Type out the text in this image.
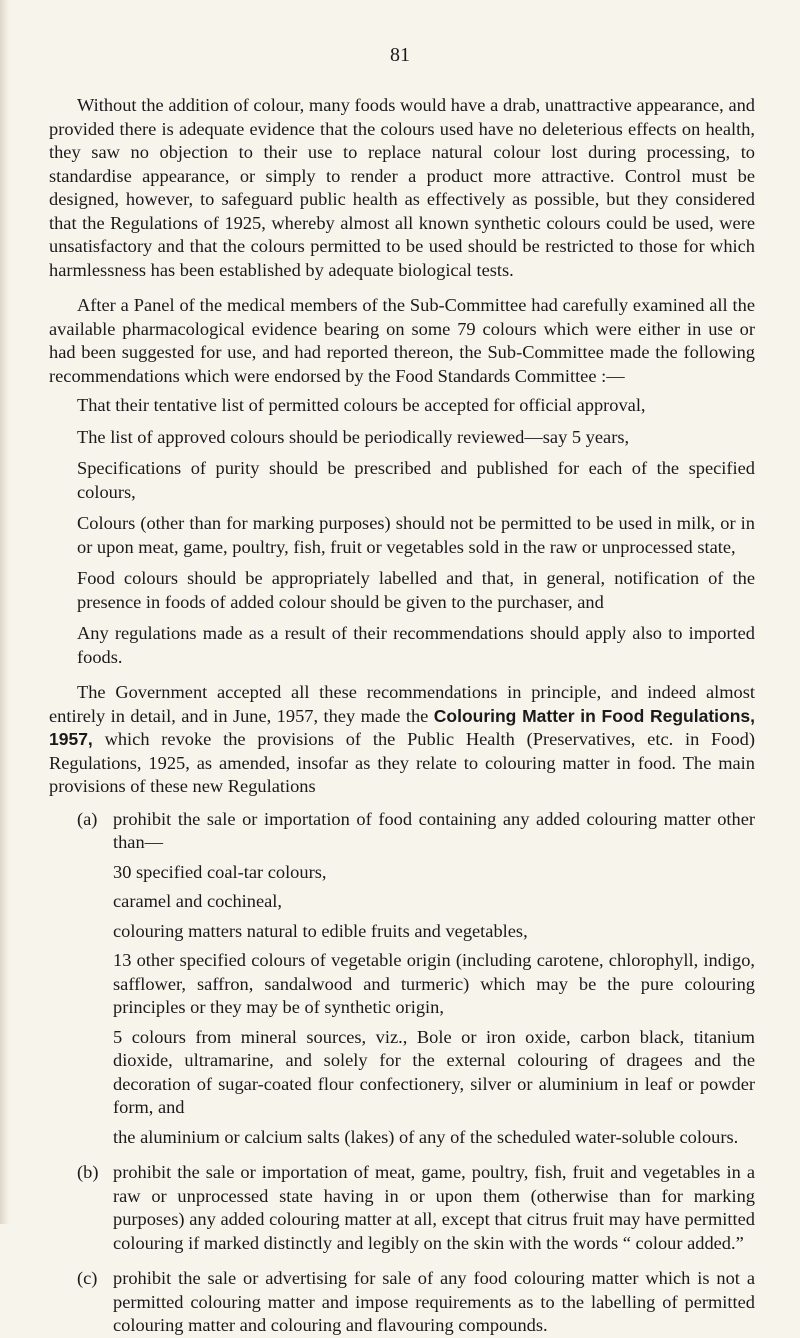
81

Without the addition of colour, many foods would have a drab, unattractive appearance, and provided there is adequate evidence that the colours used have no deleterious effects on health, they saw no objection to their use to replace natural colour lost during processing, to standardise appearance, or simply to render a product more attractive. Control must be designed, however, to safeguard public health as effectively as possible, but they considered that the Regulations of 1925, whereby almost all known synthetic colours could be used, were unsatisfactory and that the colours permitted to be used should be restricted to those for which harmlessness has been established by adequate biological tests.

After a Panel of the medical members of the Sub-Committee had carefully examined all the available pharmacological evidence bearing on some 79 colours which were either in use or had been suggested for use, and had reported thereon, the Sub-Committee made the following recommendations which were endorsed by the Food Standards Committee :—

That their tentative list of permitted colours be accepted for official approval,

The list of approved colours should be periodically reviewed—say 5 years,

Specifications of purity should be prescribed and published for each of the specified colours,

Colours (other than for marking purposes) should not be permitted to be used in milk, or in or upon meat, game, poultry, fish, fruit or vegetables sold in the raw or unprocessed state,

Food colours should be appropriately labelled and that, in general, notification of the presence in foods of added colour should be given to the purchaser, and

Any regulations made as a result of their recommendations should apply also to imported foods.

The Government accepted all these recommendations in principle, and indeed almost entirely in detail, and in June, 1957, they made the Colouring Matter in Food Regulations, 1957, which revoke the provisions of the Public Health (Preservatives, etc. in Food) Regulations, 1925, as amended, insofar as they relate to colouring matter in food. The main provisions of these new Regulations

(a) prohibit the sale or importation of food containing any added colouring matter other than—

30 specified coal-tar colours,

caramel and cochineal,

colouring matters natural to edible fruits and vegetables,

13 other specified colours of vegetable origin (including carotene, chlorophyll, indigo, safflower, saffron, sandalwood and turmeric) which may be the pure colouring principles or they may be of synthetic origin,

5 colours from mineral sources, viz., Bole or iron oxide, carbon black, titanium dioxide, ultramarine, and solely for the external colouring of dragees and the decoration of sugar-coated flour confectionery, silver or aluminium in leaf or powder form, and

the aluminium or calcium salts (lakes) of any of the scheduled water-soluble colours.

(b) prohibit the sale or importation of meat, game, poultry, fish, fruit and vegetables in a raw or unprocessed state having in or upon them (otherwise than for marking purposes) any added colouring matter at all, except that citrus fruit may have permitted colouring if marked distinctly and legibly on the skin with the words “ colour added.”
(c) prohibit the sale or advertising for sale of any food colouring matter which is not a permitted colouring matter and impose requirements as to the labelling of permitted colouring matter and colouring and flavouring compounds.
